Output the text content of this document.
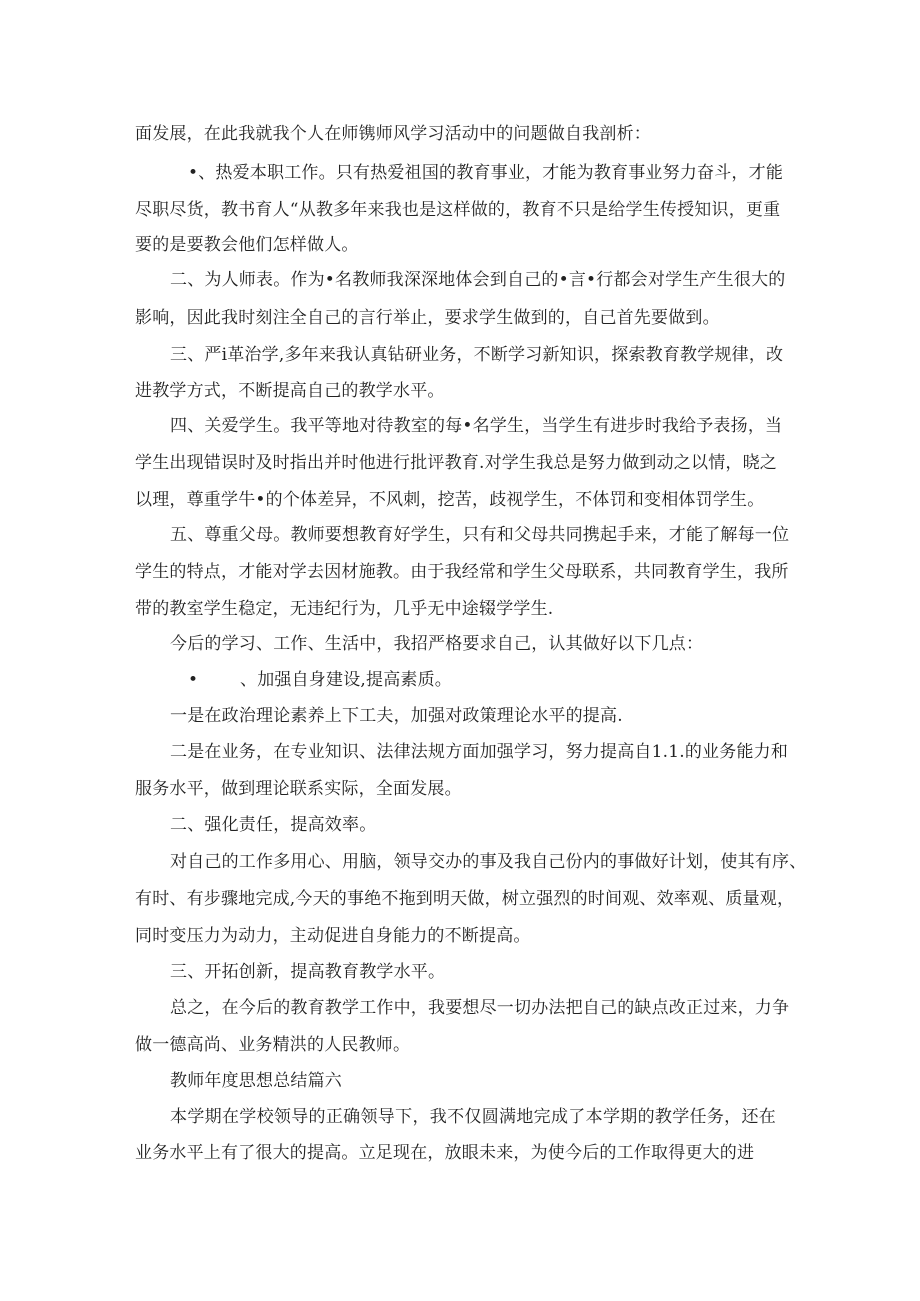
面发展，在此我就我个人在师镌师风学习活动中的问题做自我剖析：
•、热爱本职工作。只有热爱祖国的教育事业，才能为教育事业努力奋斗，才能
尽职尽货，教书育人“从教多年来我也是这样做的，教育不只是给学生传授知识，更重
要的是要教会他们怎样做人。
二、为人师表。作为•名教师我深深地体会到自己的•言•行都会对学生产生很大的
影响，因此我时刻注全自己的言行举止，要求学生做到的，自己首先要做到。
三、严i革治学,多年来我认真钻研业务，不断学习新知识，探索教育教学规律，改
进教学方式，不断提高自己的教学水平。
四、关爱学生。我平等地对待教室的每•名学生，当学生有进步时我给予表扬，当
学生出现错误时及时指出并时他进行批评教育.对学生我总是努力做到动之以情，晓之
以理，尊重学牛•的个体差异，不风刺，挖苦，歧视学生，不体罚和变相体罚学生。
五、尊重父母。教师要想教育好学生，只有和父母共同携起手来，才能了解每一位
学生的特点，才能对学去因材施教。由于我经常和学生父母联系，共同教育学生，我所
带的教室学生稳定，无违纪行为，几乎无中途辍学学生.
今后的学习、工作、生活中，我招严格要求自己，认其做好以下几点：
• 、加强自身建设,提高素质。
一是在政治理论素养上下工夫，加强对政策理论水平的提高.
二是在业务，在专业知识、法律法规方面加强学习，努力提高自1.1.的业务能力和
服务水平，做到理论联系实际，全面发展。
二、强化责任，提高效率。
对自己的工作多用心、用脑，领导交办的事及我自己份内的事做好计划，使其有序、
有时、有步骤地完成,今天的事绝不拖到明天做，树立强烈的时间观、效率观、质量观，
同时变压力为动力，主动促进自身能力的不断提高。
三、开拓创新，提高教育教学水平。
总之，在今后的教育教学工作中，我要想尽一切办法把自己的缺点改正过来，力争
做一德高尚、业务精洪的人民教师。
教师年度思想总结篇六
本学期在学校领导的正确领导下，我不仅圆满地完成了本学期的教学任务，还在
业务水平上有了很大的提高。立足现在，放眼未来，为使今后的工作取得更大的进
